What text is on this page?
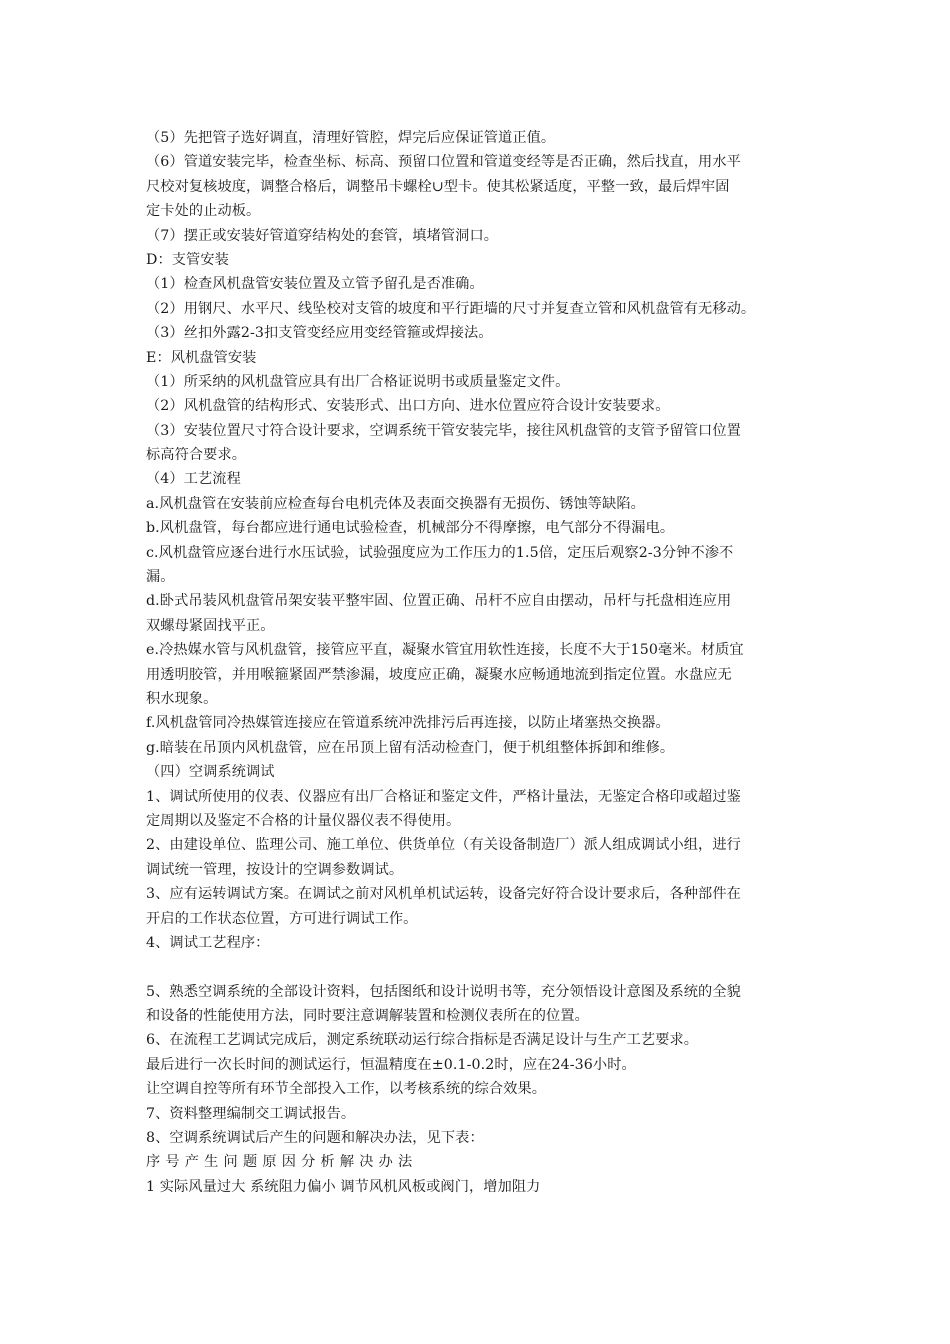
（5）先把管子选好调直，清理好管腔，焊完后应保证管道正值。
（6）管道安装完毕，检查坐标、标高、预留口位置和管道变经等是否正确，然后找直，用水平
尺校对复核坡度，调整合格后，调整吊卡螺栓∪型卡。使其松紧适度，平整一致，最后焊牢固
定卡处的止动板。
（7）摆正或安装好管道穿结构处的套管，填堵管洞口。
D：支管安装
（1）检查风机盘管安装位置及立管予留孔是否准确。
（2）用钢尺、水平尺、线坠校对支管的坡度和平行距墙的尺寸并复查立管和风机盘管有无移动。
（3）丝扣外露2-3扣支管变经应用变经管箍或焊接法。
E：风机盘管安装
（1）所采纳的风机盘管应具有出厂合格证说明书或质量鉴定文件。
（2）风机盘管的结构形式、安装形式、出口方向、进水位置应符合设计安装要求。
（3）安装位置尺寸符合设计要求，空调系统干管安装完毕，接往风机盘管的支管予留管口位置
标高符合要求。
（4）工艺流程
a.风机盘管在安装前应检查每台电机壳体及表面交换器有无损伤、锈蚀等缺陷。
b.风机盘管，每台都应进行通电试验检查，机械部分不得摩擦，电气部分不得漏电。
c.风机盘管应逐台进行水压试验，试验强度应为工作压力的1.5倍，定压后观察2-3分钟不渗不
漏。
d.卧式吊装风机盘管吊架安装平整牢固、位置正确、吊杆不应自由摆动，吊杆与托盘相连应用
双螺母紧固找平正。
e.冷热媒水管与风机盘管，接管应平直，凝聚水管宜用软性连接，长度不大于150毫米。材质宜
用透明胶管，并用喉箍紧固严禁渗漏，坡度应正确，凝聚水应畅通地流到指定位置。水盘应无
积水现象。
f.风机盘管同冷热媒管连接应在管道系统冲洗排污后再连接，以防止堵塞热交换器。
g.暗装在吊顶内风机盘管，应在吊顶上留有活动检查门，便于机组整体拆卸和维修。
（四）空调系统调试
1、调试所使用的仪表、仪器应有出厂合格证和鉴定文件，严格计量法，无鉴定合格印或超过鉴
定周期以及鉴定不合格的计量仪器仪表不得使用。
2、由建设单位、监理公司、施工单位、供货单位（有关设备制造厂）派人组成调试小组，进行
调试统一管理，按设计的空调参数调试。
3、应有运转调试方案。在调试之前对风机单机试运转，设备完好符合设计要求后，各种部件在
开启的工作状态位置，方可进行调试工作。
4、调试工艺程序：
5、熟悉空调系统的全部设计资料，包括图纸和设计说明书等，充分领悟设计意图及系统的全貌
和设备的性能使用方法，同时要注意调解装置和检测仪表所在的位置。
6、在流程工艺调试完成后，测定系统联动运行综合指标是否满足设计与生产工艺要求。
最后进行一次长时间的测试运行，恒温精度在±0.1-0.2时，应在24-36小时。
让空调自控等所有环节全部投入工作，以考核系统的综合效果。
7、资料整理编制交工调试报告。
8、空调系统调试后产生的问题和解决办法，见下表：
序号产生问题原因分析解决办法
1 实际风量过大 系统阻力偏小 调节风机风板或阀门，增加阻力
